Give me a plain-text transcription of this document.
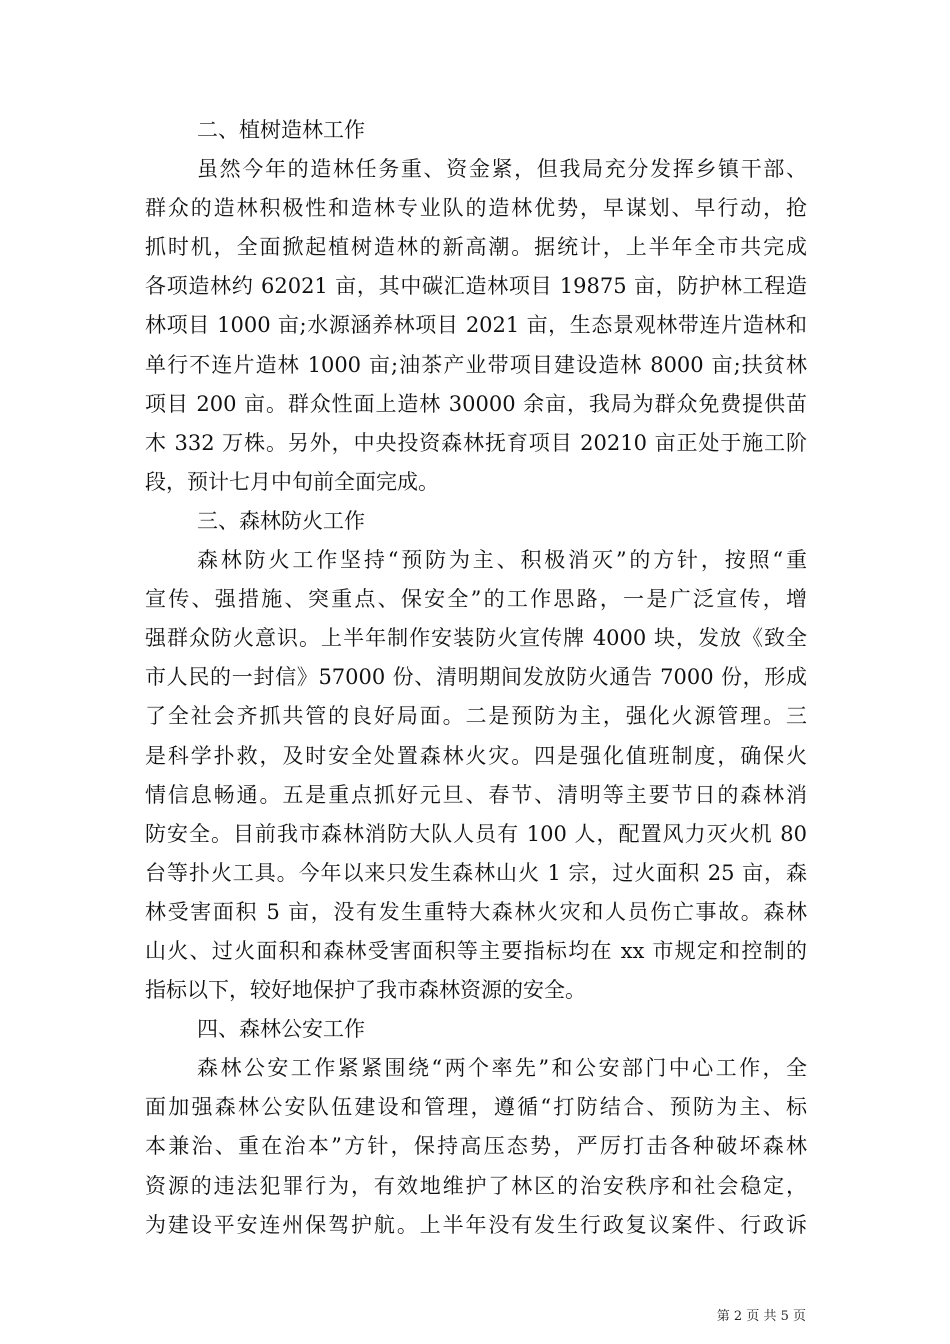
二、植树造林工作
虽然今年的造林任务重、资金紧，但我局充分发挥乡镇干部、
群众的造林积极性和造林专业队的造林优势，早谋划、早行动，抢
抓时机，全面掀起植树造林的新高潮。据统计，上半年全市共完成
各项造林约 62021 亩，其中碳汇造林项目 19875 亩，防护林工程造
林项目 1000 亩;水源涵养林项目 2021 亩，生态景观林带连片造林和
单行不连片造林 1000 亩;油茶产业带项目建设造林 8000 亩;扶贫林
项目 200 亩。群众性面上造林 30000 余亩，我局为群众免费提供苗
木 332 万株。另外，中央投资森林抚育项目 20210 亩正处于施工阶
段，预计七月中旬前全面完成。
三、森林防火工作
森林防火工作坚持“预防为主、积极消灭”的方针，按照“重
宣传、强措施、突重点、保安全”的工作思路，一是广泛宣传，增
强群众防火意识。上半年制作安装防火宣传牌 4000 块，发放《致全
市人民的一封信》57000 份、清明期间发放防火通告 7000 份，形成
了全社会齐抓共管的良好局面。二是预防为主，强化火源管理。三
是科学扑救，及时安全处置森林火灾。四是强化值班制度，确保火
情信息畅通。五是重点抓好元旦、春节、清明等主要节日的森林消
防安全。目前我市森林消防大队人员有 100 人，配置风力灭火机 80
台等扑火工具。今年以来只发生森林山火 1 宗，过火面积 25 亩，森
林受害面积 5 亩，没有发生重特大森林火灾和人员伤亡事故。森林
山火、过火面积和森林受害面积等主要指标均在 xx 市规定和控制的
指标以下，较好地保护了我市森林资源的安全。
四、森林公安工作
森林公安工作紧紧围绕“两个率先”和公安部门中心工作，全
面加强森林公安队伍建设和管理，遵循“打防结合、预防为主、标
本兼治、重在治本”方针，保持高压态势，严厉打击各种破坏森林
资源的违法犯罪行为，有效地维护了林区的治安秩序和社会稳定，
为建设平安连州保驾护航。上半年没有发生行政复议案件、行政诉
第 2 页 共 5 页
